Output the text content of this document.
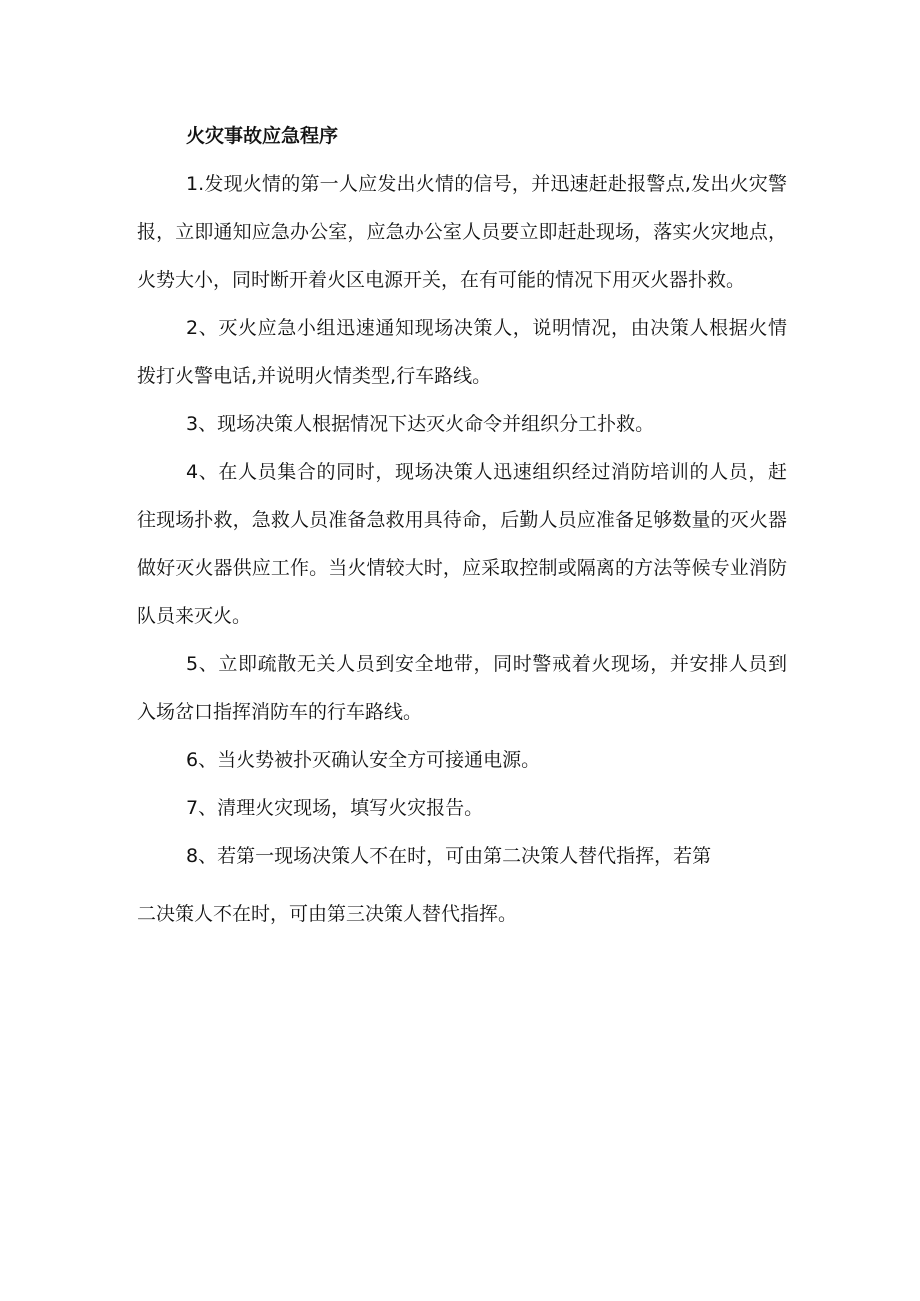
火灾事故应急程序

1.发现火情的第一人应发出火情的信号，并迅速赶赴报警点,发出火灾警报，立即通知应急办公室，应急办公室人员要立即赶赴现场，落实火灾地点，火势大小，同时断开着火区电源开关，在有可能的情况下用灭火器扑救。

2、灭火应急小组迅速通知现场决策人，说明情况，由决策人根据火情拨打火警电话,并说明火情类型,行车路线。

3、现场决策人根据情况下达灭火命令并组织分工扑救。

4、在人员集合的同时，现场决策人迅速组织经过消防培训的人员，赶往现场扑救，急救人员准备急救用具待命，后勤人员应准备足够数量的灭火器做好灭火器供应工作。当火情较大时，应采取控制或隔离的方法等候专业消防队员来灭火。

5、立即疏散无关人员到安全地带，同时警戒着火现场，并安排人员到入场岔口指挥消防车的行车路线。

6、当火势被扑灭确认安全方可接通电源。

7、清理火灾现场，填写火灾报告。

8、若第一现场决策人不在时，可由第二决策人替代指挥，若第

二决策人不在时，可由第三决策人替代指挥。
